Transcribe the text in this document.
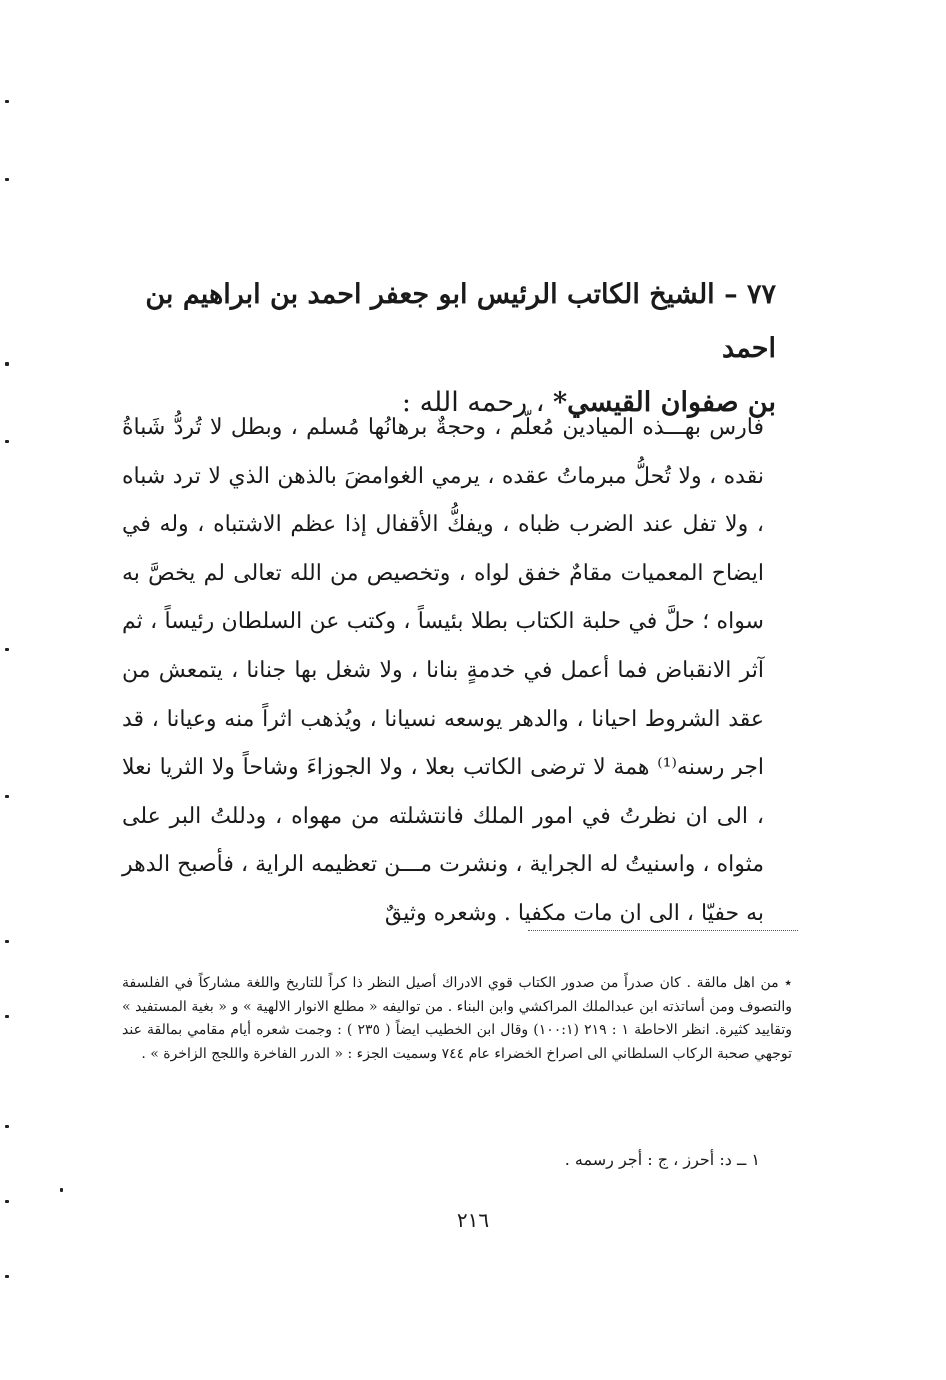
٧٧ – الشيخ الكاتب الرئيس ابو جعفر احمد بن ابراهيم بن احمد
بن صفوان القيسي* ، رحمه الله :

فارس بهـــذه الميادين مُعلّم ، وحجةٌ برهانُها مُسلم ، وبطل لا تُردُّ شَباةُ نقده ، ولا تُحلُّ مبرماتُ عقده ، يرمي الغوامضَ بالذهن الذي لا ترد شباه ، ولا تفل عند الضرب ظباه ، ويفكُّ الأقفال إذا عظم الاشتباه ، وله في ايضاح المعميات مقامٌ خفق لواه ، وتخصيص من الله تعالى لم يخصَّ به سواه ؛ حلَّ في حلبة الكتاب بطلا بئيساً ، وكتب عن السلطان رئيساً ، ثم آثر الانقباض فما أعمل في خدمةٍ بنانا ، ولا شغل بها جنانا ، يتمعش من عقد الشروط احيانا ، والدهر يوسعه نسيانا ، ويُذهب اثراً منه وعيانا ، قد اجر رسنه⁽¹⁾ همة لا ترضى الكاتب بعلا ، ولا الجوزاءَ وشاحاً ولا الثريا نعلا ، الى ان نظرتُ في امور الملك فانتشلته من مهواه ، ودللتُ البر على مثواه ، واسنيتُ له الجراية ، ونشرت مـــن تعظيمه الراية ، فأصبح الدهر به حفيّا ، الى ان مات مكفيا . وشعره وثيقٌ

٭ من اهل مالقة . كان صدراً من صدور الكتاب قوي الادراك أصيل النظر ذا كراً للتاريخ واللغة مشاركاً في الفلسفة والتصوف ومن أساتذته ابن عبدالملك المراكشي وابن البناء . من تواليفه « مطلع الانوار الالهية » و « بغية المستفيد » وتقاييد كثيرة. انظر الاحاطة ١ : ٢١٩ (١٠٠:١) وقال ابن الخطيب ايضاً ( ٢٣٥ ) : وجمت شعره أيام مقامي بمالقة عند توجهي صحبة الركاب السلطاني الى اصراخ الخضراء عام ٧٤٤ وسميت الجزء : « الدرر الفاخرة واللجج الزاخرة » .

١ ــ د: أحرز ، ج : أجر رسمه .
٢١٦
